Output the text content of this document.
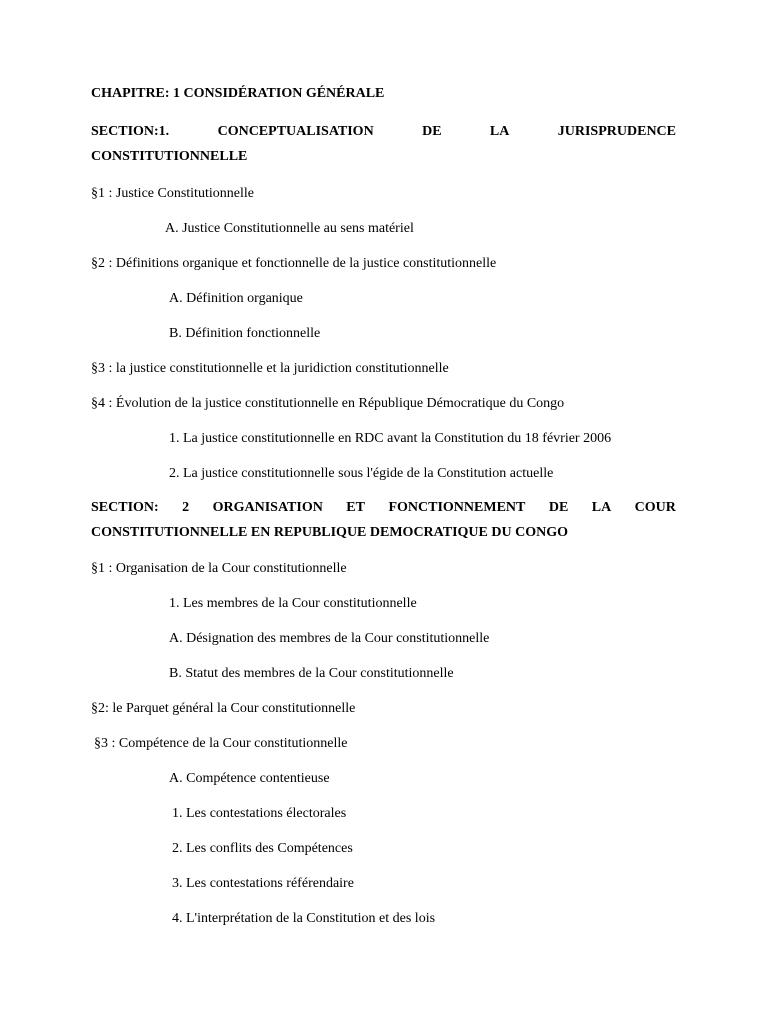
CHAPITRE: 1 CONSIDÉRATION GÉNÉRALE

SECTION:1.	CONCEPTUALISATION	DE	LA	JURISPRUDENCE
CONSTITUTIONNELLE

§1 : Justice Constitutionnelle

A. Justice Constitutionnelle au sens matériel

§2 : Définitions organique et fonctionnelle de la justice constitutionnelle

A. Définition organique

B. Définition fonctionnelle

§3 : la justice constitutionnelle et la juridiction constitutionnelle

§4 : Évolution de la justice constitutionnelle en République Démocratique du Congo

1. La justice constitutionnelle en RDC avant la Constitution du 18 février 2006

2. La justice constitutionnelle sous l'égide de la Constitution actuelle

SECTION: 2 ORGANISATION ET FONCTIONNEMENT DE LA COUR
CONSTITUTIONNELLE EN REPUBLIQUE DEMOCRATIQUE DU CONGO

§1 : Organisation de la Cour constitutionnelle

1. Les membres de la Cour constitutionnelle

A. Désignation des membres de la Cour constitutionnelle

B. Statut des membres de la Cour constitutionnelle

§2: le Parquet général la Cour constitutionnelle

§3 : Compétence de la Cour constitutionnelle

A. Compétence contentieuse

1. Les contestations électorales

2. Les conflits des Compétences

3. Les contestations référendaire

4. L'interprétation de la Constitution et des lois
